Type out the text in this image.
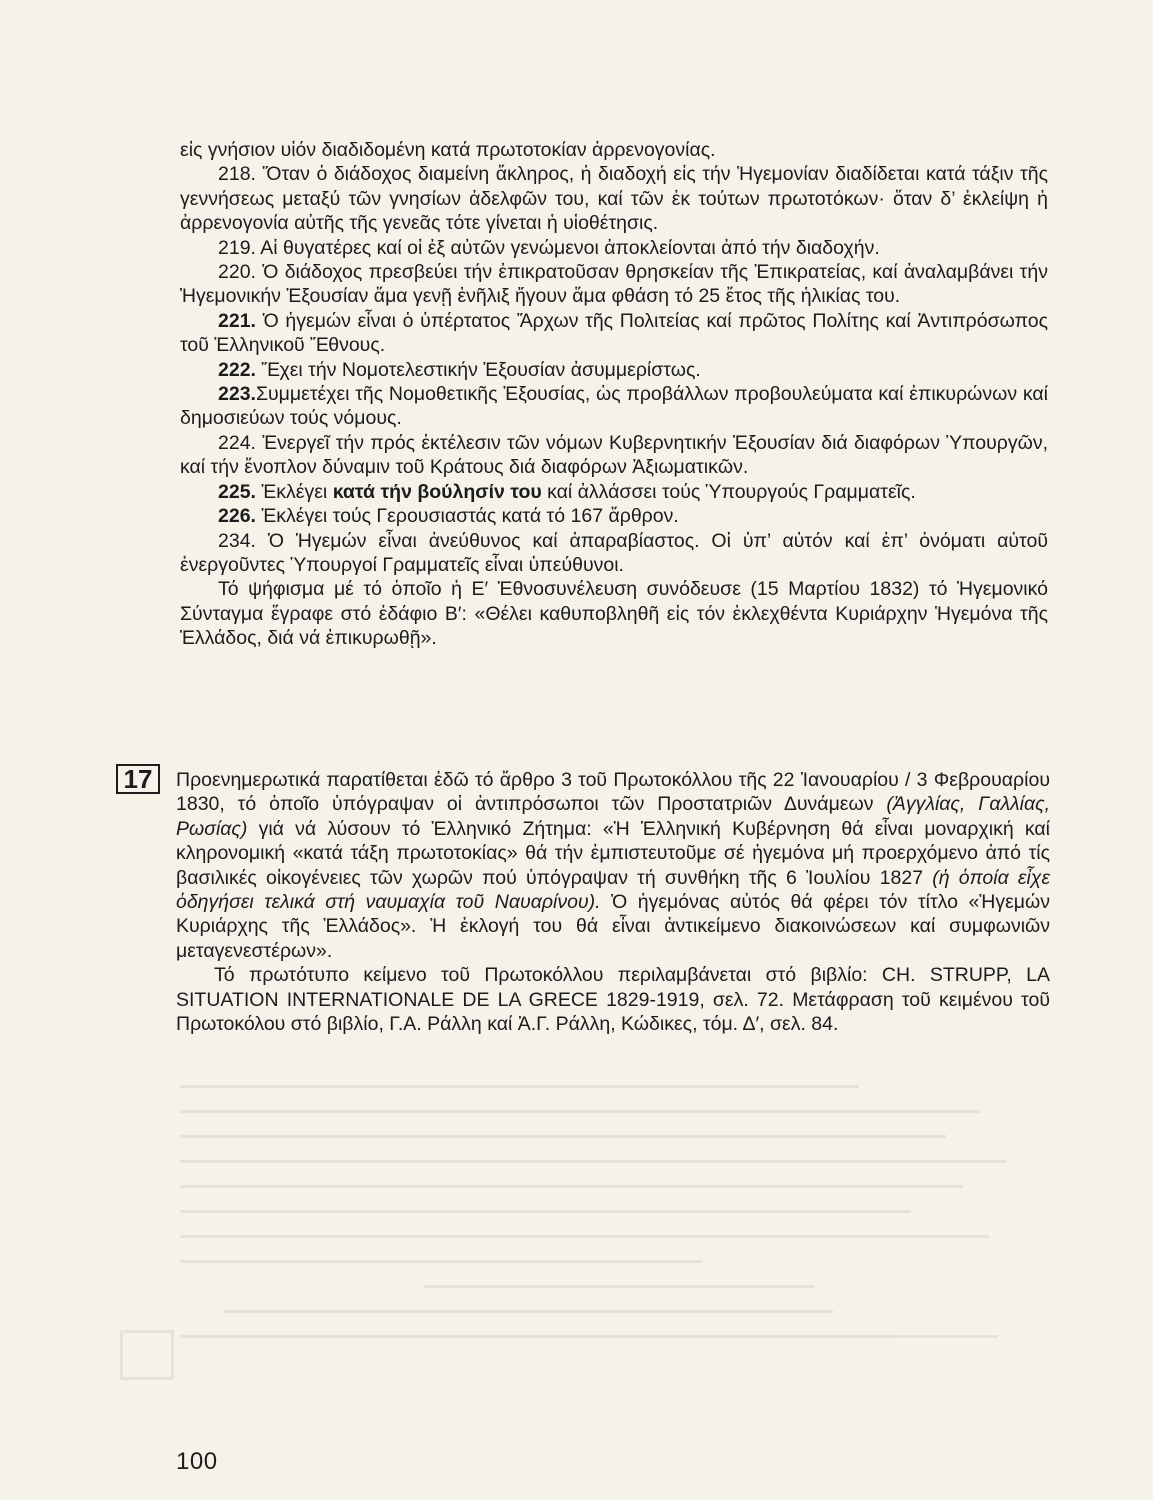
εἰς γνήσιον υἱόν διαδιδομένη κατά πρωτοτοκίαν ἀρρενογονίας.

218. Ὅταν ὁ διάδοχος διαμείνη ἄκληρος, ἡ διαδοχή εἰς τήν Ἡγεμονίαν διαδίδεται κατά τάξιν τῆς γεννήσεως μεταξύ τῶν γνησίων ἀδελφῶν του, καί τῶν ἐκ τούτων πρωτοτόκων· ὅταν δ’ ἐκλείψη ἡ ἀρρενογονία αὐτῆς τῆς γενεᾶς τότε γίνεται ἡ υἱοθέτησις.

219. Αἱ θυγατέρες καί οἱ ἐξ αὐτῶν γενώμενοι ἀποκλείονται ἀπό τήν διαδοχήν.

220. Ὁ διάδοχος πρεσβεύει τήν ἐπικρατοῦσαν θρησκείαν τῆς Ἐπικρατείας, καί ἀναλαμβάνει τήν Ἡγεμονικήν Ἐξουσίαν ἅμα γενῇ ἐνῆλιξ ἤγουν ἅμα φθάση τό 25 ἔτος τῆς ἡλικίας του.

221. Ὁ ἡγεμών εἶναι ὁ ὑπέρτατος Ἄρχων τῆς Πολιτείας καί πρῶτος Πολίτης καί Ἀντιπρόσωπος τοῦ Ἑλληνικοῦ Ἔθνους.

222. Ἔχει τήν Νομοτελεστικήν Ἐξουσίαν ἀσυμμερίστως.

223.Συμμετέχει τῆς Νομοθετικῆς Ἐξουσίας, ὡς προβάλλων προβουλεύματα καί ἐπικυρώνων καί δημοσιεύων τούς νόμους.

224. Ἐνεργεῖ τήν πρός ἐκτέλεσιν τῶν νόμων Κυβερνητικήν Ἐξουσίαν διά διαφόρων Ὑπουργῶν, καί τήν ἔνοπλον δύναμιν τοῦ Κράτους διά διαφόρων Ἀξιωματικῶν.

225. Ἐκλέγει κατά τήν βούλησίν του καί ἀλλάσσει τούς Ὑπουργούς Γραμματεῖς.

226. Ἐκλέγει τούς Γερουσιαστάς κατά τό 167 ἄρθρον.

234. Ὁ Ἡγεμών εἶναι ἀνεύθυνος καί ἀπαραβίαστος. Οἱ ὑπ’ αὐτόν καί ἐπ’ ὀνόματι αὐτοῦ ἐνεργοῦντες Ὑπουργοί Γραμματεῖς εἶναι ὑπεύθυνοι.

Τό ψήφισμα μέ τό ὁποῖο ἡ Ε′ Ἐθνοσυνέλευση συνόδευσε (15 Μαρτίου 1832) τό Ἡγεμονικό Σύνταγμα ἔγραφε στό ἐδάφιο Β′: «Θέλει καθυποβληθῆ εἰς τόν ἐκλεχθέντα Κυριάρχην Ἡγεμόνα τῆς Ἑλλάδος, διά νά ἐπικυρωθῇ».

17	Προενημερωτικά παρατίθεται ἐδῶ τό ἄρθρο 3 τοῦ Πρωτοκόλλου τῆς 22 Ἰανουαρίου / 3 Φεβρουαρίου 1830, τό ὁποῖο ὑπόγραψαν οἱ ἀντιπρόσωποι τῶν Προστατριῶν Δυνάμεων (Ἀγγλίας, Γαλλίας, Ρωσίας) γιά νά λύσουν τό Ἑλληνικό Ζήτημα: «Ἡ Ἑλληνική Κυβέρνηση θά εἶναι μοναρχική καί κληρονομική «κατά τάξη πρωτοτοκίας» θά τήν ἐμπιστευτοῦμε σέ ἡγεμόνα μή προερχόμενο ἀπό τίς βασιλικές οἰκογένειες τῶν χωρῶν πού ὑπόγραψαν τή συνθήκη τῆς 6 Ἰουλίου 1827 (ἡ ὁποία εἶχε ὁδηγήσει τελικά στή ναυμαχία τοῦ Ναυαρίνου). Ὁ ἡγεμόνας αὐτός θά φέρει τόν τίτλο «Ἡγεμών Κυριάρχης τῆς Ἑλλάδος». Ἡ ἐκλογή του θά εἶναι ἀντικείμενο διακοινώσεων καί συμφωνιῶν μεταγενεστέρων».

Τό πρωτότυπο κείμενο τοῦ Πρωτοκόλλου περιλαμβάνεται στό βιβλίο: CH. STRUPP, LA SITUATION INTERNATIONALE DE LA GRECE 1829-1919, σελ. 72. Μετάφραση τοῦ κειμένου τοῦ Πρωτοκόλου στό βιβλίο, Γ.Α. Ράλλη καί Ἀ.Γ. Ράλλη, Κώδικες, τόμ. Δ′, σελ. 84.

100
